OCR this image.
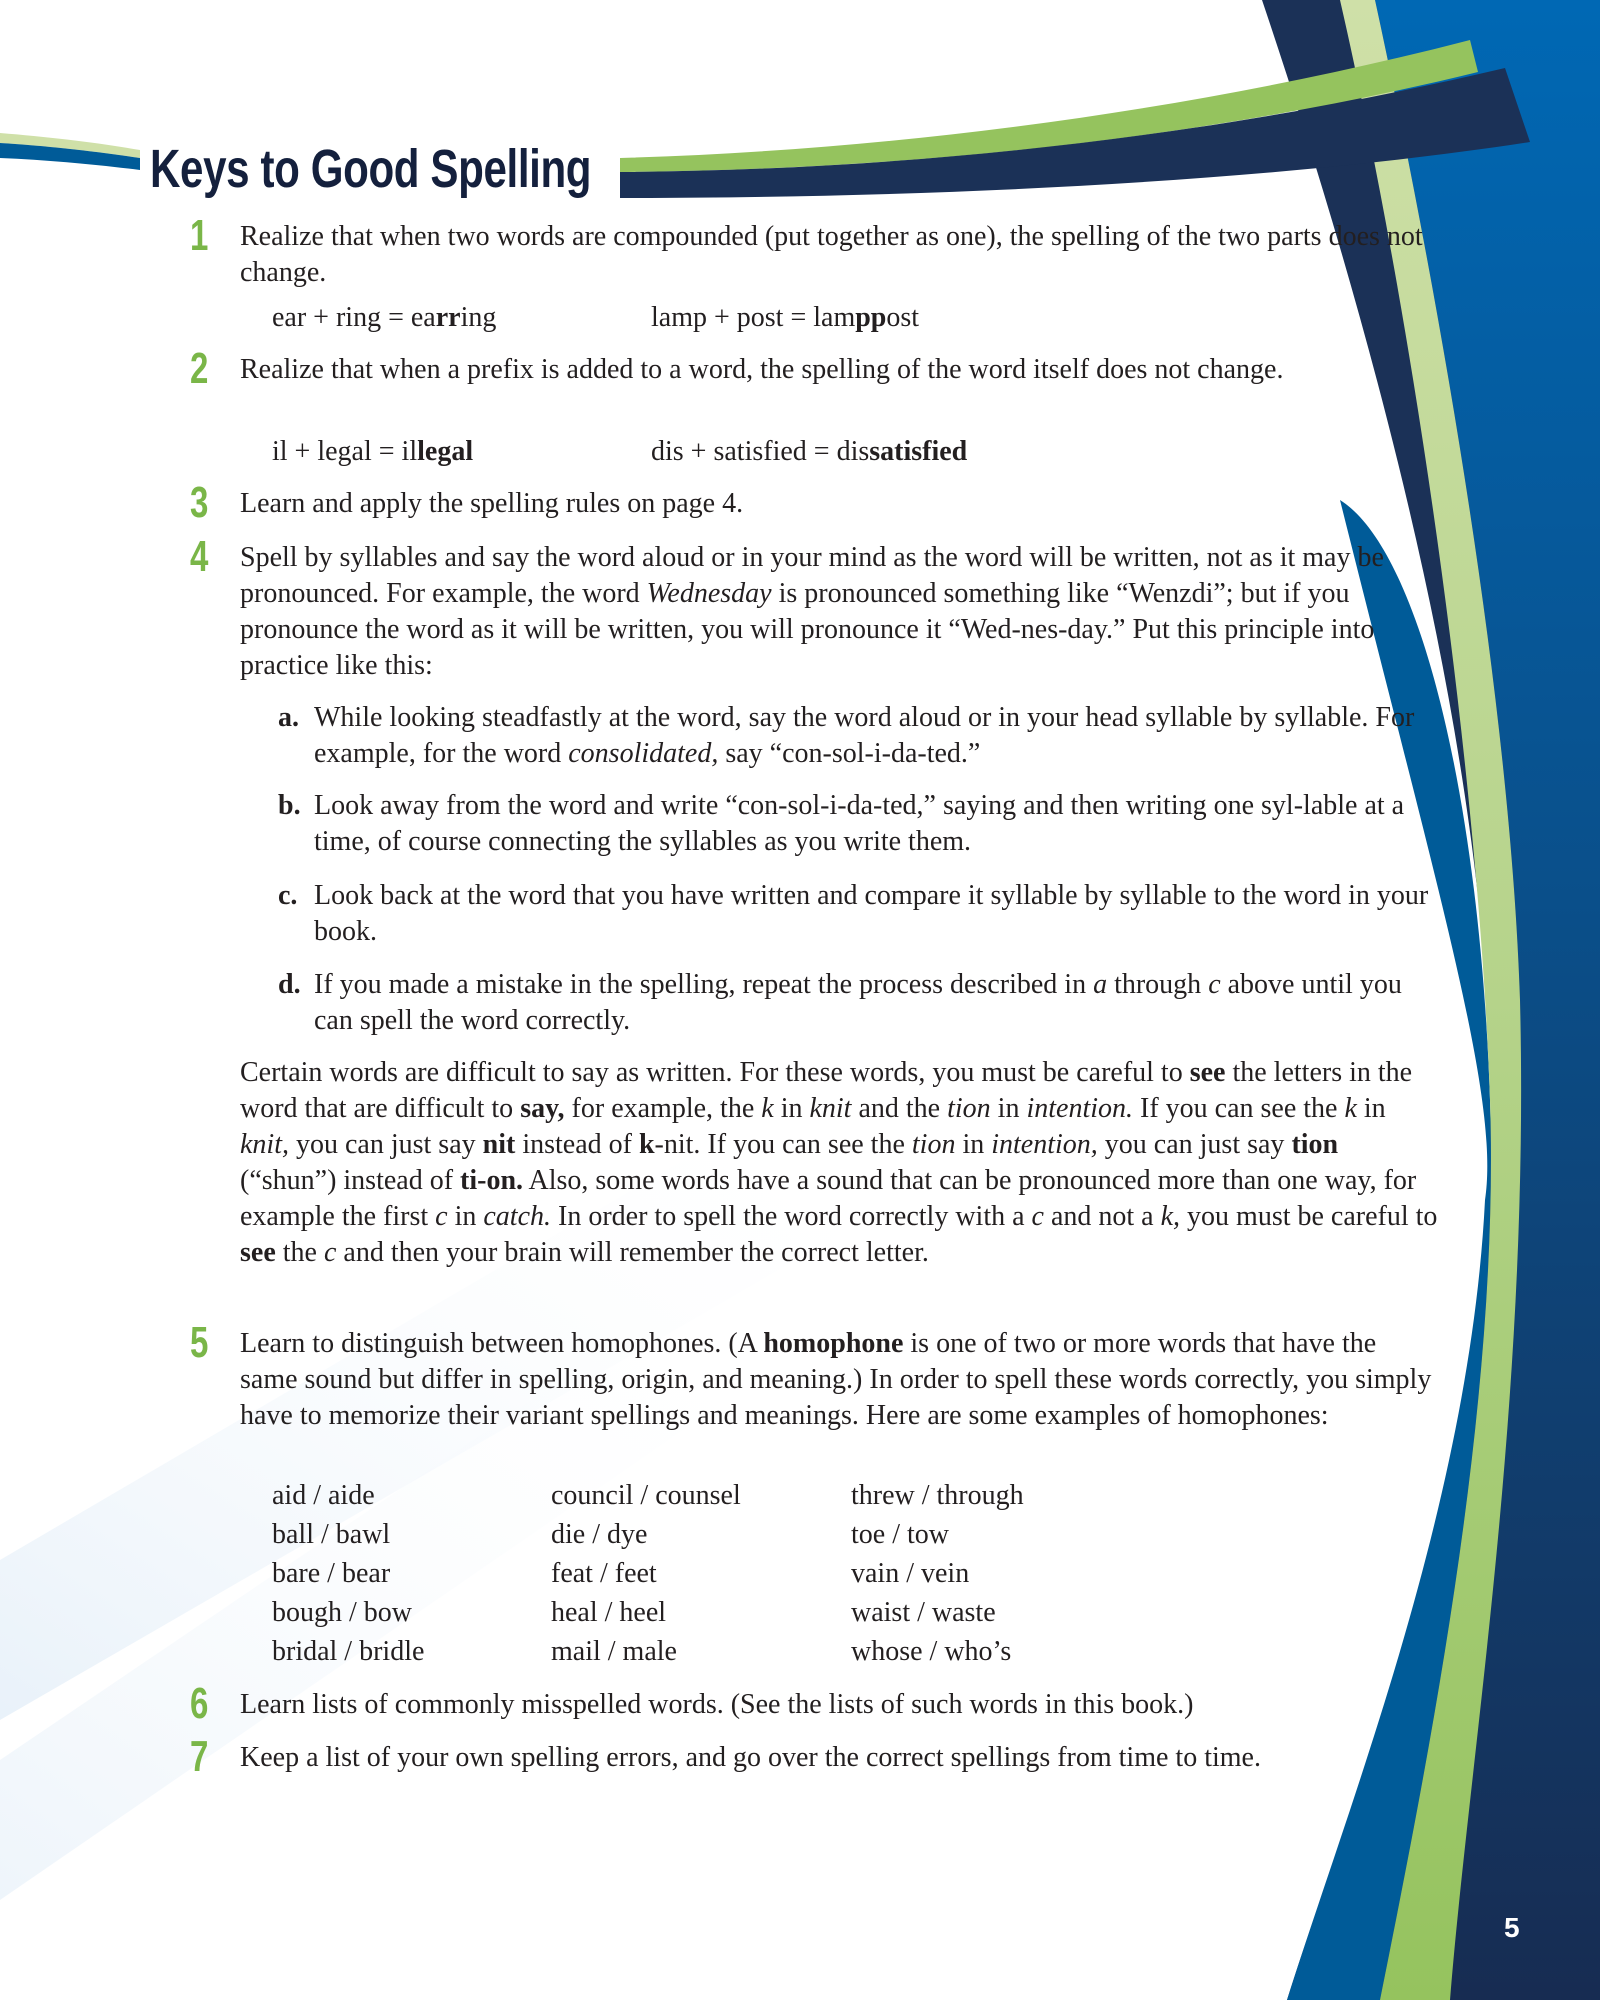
Keys to Good Spelling
1 Realize that when two words are compounded (put together as one), the spelling of the two parts does not change.
ear + ring = earring	lamp + post = lamppost
2 Realize that when a prefix is added to a word, the spelling of the word itself does not change.
il + legal = illegal	dis + satisfied = dissatisfied
3 Learn and apply the spelling rules on page 4.
4 Spell by syllables and say the word aloud or in your mind as the word will be written, not as it may be pronounced. For example, the word Wednesday is pronounced something like “Wenzdi”; but if you pronounce the word as it will be written, you will pronounce it “Wed-nes-day.” Put this principle into practice like this:
a. While looking steadfastly at the word, say the word aloud or in your head syllable by syllable. For example, for the word consolidated, say “con-sol-i-da-ted.”
b. Look away from the word and write “con-sol-i-da-ted,” saying and then writing one syl-lable at a time, of course connecting the syllables as you write them.
c. Look back at the word that you have written and compare it syllable by syllable to the word in your book.
d. If you made a mistake in the spelling, repeat the process described in a through c above until you can spell the word correctly.
Certain words are difficult to say as written. For these words, you must be careful to see the letters in the word that are difficult to say, for example, the k in knit and the tion in intention. If you can see the k in knit, you can just say nit instead of k-nit. If you can see the tion in intention, you can just say tion (“shun”) instead of ti-on. Also, some words have a sound that can be pronounced more than one way, for example the first c in catch. In order to spell the word correctly with a c and not a k, you must be careful to see the c and then your brain will remember the correct letter.
5 Learn to distinguish between homophones. (A homophone is one of two or more words that have the same sound but differ in spelling, origin, and meaning.) In order to spell these words correctly, you simply have to memorize their variant spellings and meanings. Here are some examples of homophones:
aid / aide
ball / bawl
bare / bear
bough / bow
bridal / bridle
council / counsel
die / dye
feat / feet
heal / heel
mail / male
threw / through
toe / tow
vain / vein
waist / waste
whose / who’s
6 Learn lists of commonly misspelled words. (See the lists of such words in this book.)
7 Keep a list of your own spelling errors, and go over the correct spellings from time to time.
5
